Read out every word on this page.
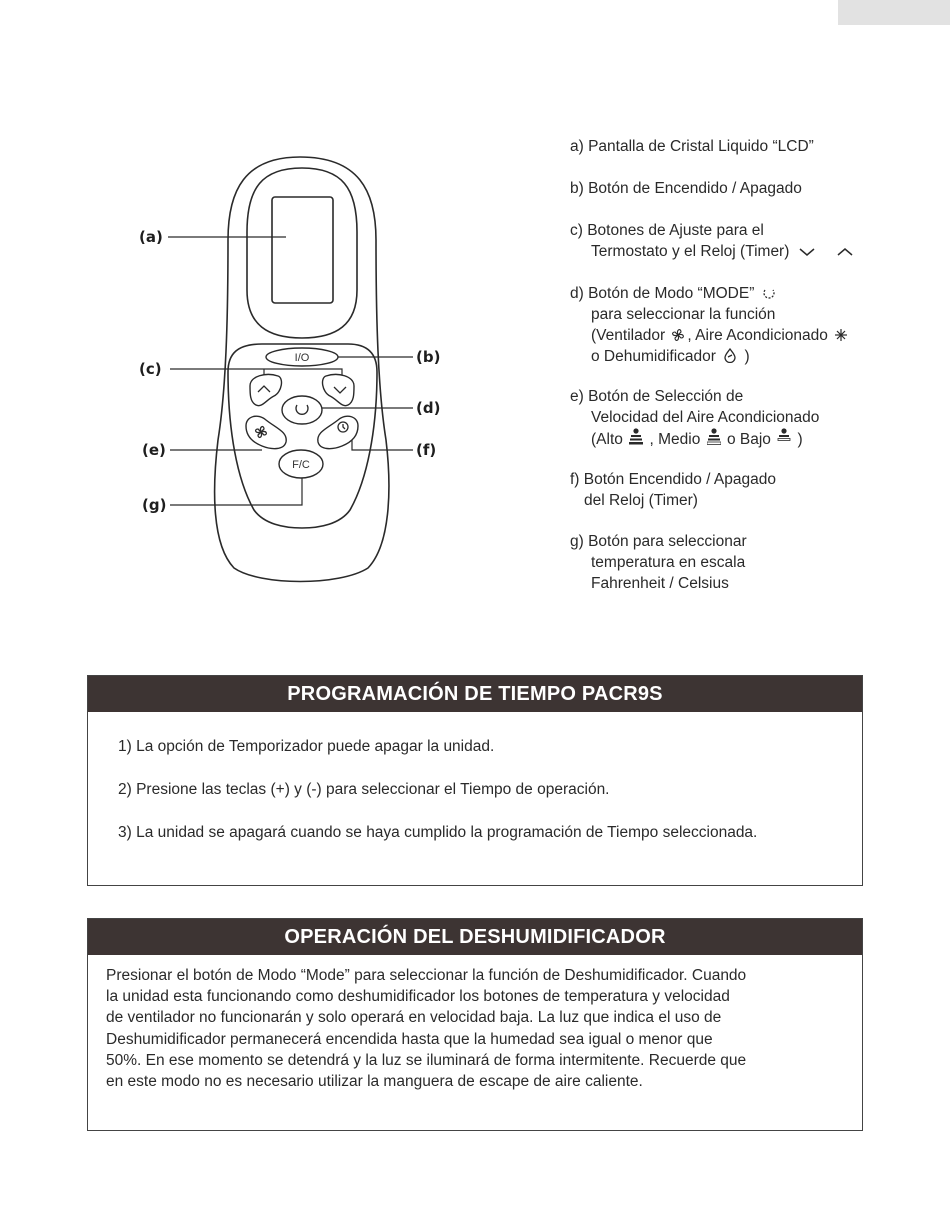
I/O
F/C
(a)
(b)
(c)
(d)
(e)	(f)
(g)
a) Pantalla de Cristal Liquido “LCD”
b) Botón de Encendido / Apagado
c) Botones de Ajuste para el
Termostato y el Reloj (Timer)
d) Botón de Modo “MODE”
para seleccionar la función
(Ventilador , Aire Acondicionado
o Dehumidificador  )
e) Botón de Selección de
Velocidad del Aire Acondicionado
(Alto  , Medio  o Bajo  )
f) Botón Encendido / Apagado
del Reloj (Timer)
g) Botón para seleccionar
temperatura en escala
Fahrenheit / Celsius
PROGRAMACIÓN DE TIEMPO PACR9S

1) La opción de Temporizador puede apagar la unidad.

2) Presione las teclas (+) y (-) para seleccionar el Tiempo de operación.

3) La unidad se apagará cuando se haya cumplido la programación de Tiempo seleccionada.

OPERACIÓN DEL DESHUMIDIFICADOR
Presionar el botón de Modo “Mode” para seleccionar la función de Deshumidificador. Cuando
la unidad esta funcionando como deshumidificador los botones de temperatura y velocidad
de ventilador no funcionarán y solo operará en velocidad baja. La luz que indica el uso de
Deshumidificador permanecerá encendida hasta que la humedad sea igual o menor que
50%. En ese momento se detendrá y la luz se iluminará de forma intermitente. Recuerde que
en este modo no es necesario utilizar la manguera de escape de aire caliente.
